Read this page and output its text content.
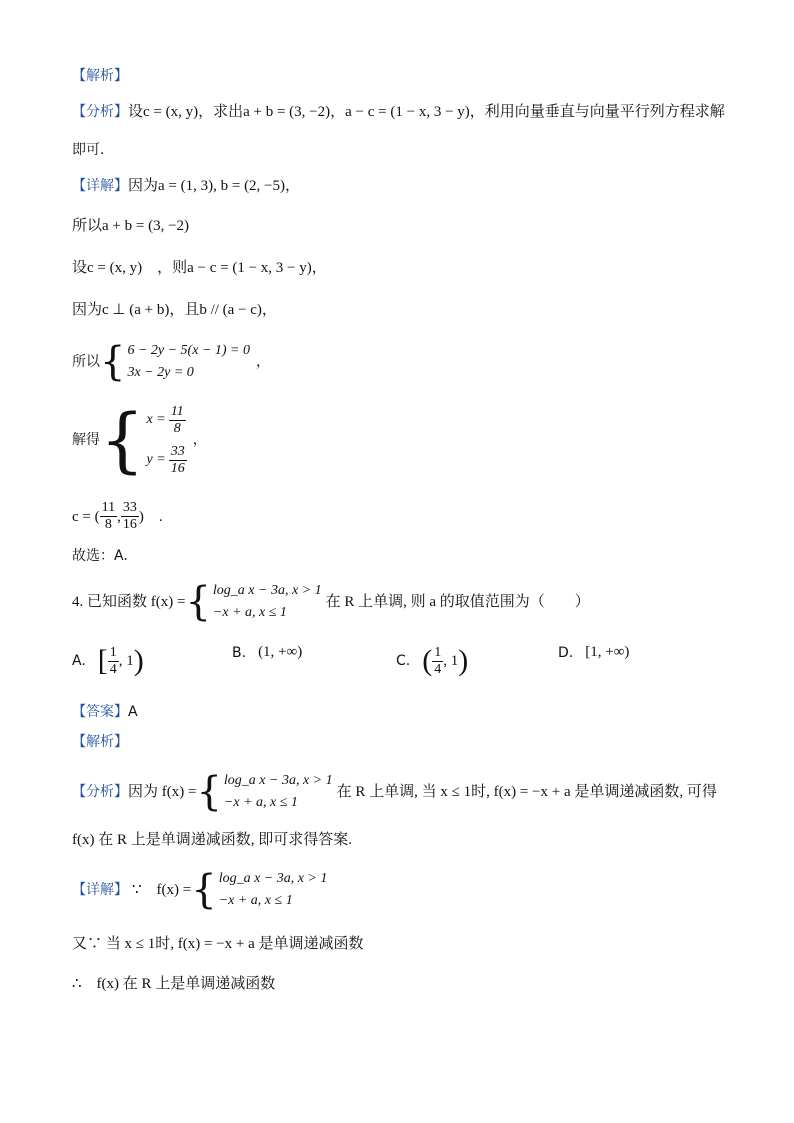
【解析】
【分析】设c = (x, y)，求出a + b = (3, −2)，a − c = (1 − x, 3 − y)，利用向量垂直与向量平行列方程求解
即可.
【详解】因为a = (1, 3), b = (2, −5)，
所以a + b = (3, −2)
设c = (x, y)　，则a − c = (1 − x, 3 − y)，
因为c ⊥ (a + b)，且b // (a − c)，
所以 { 6 − 2y − 5(x − 1) = 0
3x − 2y = 0
，
解得 { $x = \frac{11}{8}$
$y = \frac{33}{16}$
，
c = ( $\frac{11}{8}$ , $\frac{33}{16}$ )　.
故选：A.
4. 已知函数 f(x) = { log_a x − 3a, x > 1
−x + a, x ≤ 1
在 R 上单调, 则 a 的取值范围为（　　）
A. [ $\frac{1}{4}$ , 1 )	B. (1, +∞)
C. ( $\frac{1}{4}$ , 1 )	D. [1, +∞)
【答案】A
【解析】
【分析】 因为 f(x) = { log_a x − 3a, x > 1
−x + a, x ≤ 1
在 R 上单调, 当 x ≤ 1时, f(x) = −x + a 是单调递减函数, 可得
f(x) 在 R 上是单调递减函数, 即可求得答案.
【详解】 ∵　f(x) = { log_a x − 3a, x > 1
−x + a, x ≤ 1
又∵ 当 x ≤ 1时, f(x) = −x + a 是单调递减函数
∴　f(x) 在 R 上是单调递减函数
